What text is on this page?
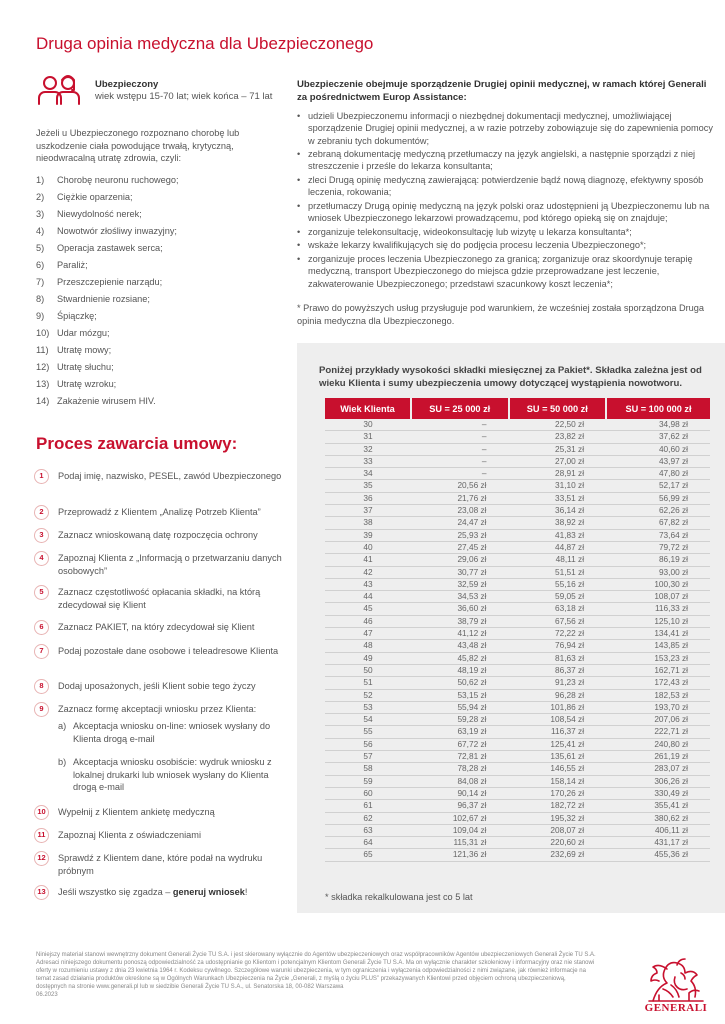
Druga opinia medyczna dla Ubezpieczonego
Ubezpieczony
wiek wstępu 15-70 lat; wiek końca – 71 lat

Jeżeli u Ubezpieczonego rozpoznano chorobę lub uszkodzenie ciała powodujące trwałą, krytyczną, nieodwracalną utratę zdrowia, czyli:

1) Chorobę neuronu ruchowego;
2) Ciężkie oparzenia;
3) Niewydolność nerek;
4) Nowotwór złośliwy inwazyjny;
5) Operacja zastawek serca;
6) Paraliż;
7) Przeszczepienie narządu;
8) Stwardnienie rozsiane;
9) Śpiączkę;
10) Udar mózgu;
11) Utratę mowy;
12) Utratę słuchu;
13) Utratę wzroku;
14) Zakażenie wirusem HIV.
Proces zawarcia umowy:
1	Podaj imię, nazwisko, PESEL, zawód Ubezpieczonego
2	Przeprowadź z Klientem „Analizę Potrzeb Klienta”
3	Zaznacz wnioskowaną datę rozpoczęcia ochrony
4	Zapoznaj Klienta z „Informacją o przetwarzaniu danych osobowych”
5	Zaznacz częstotliwość opłacania składki, na którą zdecydował się Klient
6	Zaznacz PAKIET, na który zdecydował się Klient
7	Podaj pozostałe dane osobowe i teleadresowe Klienta
8	Dodaj uposażonych, jeśli Klient sobie tego życzy
9	Zaznacz formę akceptacji wniosku przez Klienta:
10	Wypełnij z Klientem ankietę medyczną
11	Zapoznaj Klienta z oświadczeniami
12	Sprawdź z Klientem dane, które podał na wydruku próbnym
13	Jeśli wszystko się zgadza – generuj wniosek!
a) Akceptacja wniosku on-line: wniosek wysłany do Klienta drogą e-mail
b) Akceptacja wniosku osobiście: wydruk wniosku z lokalnej drukarki lub wniosek wysłany do Klienta drogą e-mail
Ubezpieczenie obejmuje sporządzenie Drugiej opinii medycznej, w ramach której Generali za pośrednictwem Europ Assistance:
• udzieli Ubezpieczonemu informacji o niezbędnej dokumentacji medycznej, umożliwiającej sporządzenie Drugiej opinii medycznej, a w razie potrzeby zobowiązuje się do zapewnienia pomocy w zebraniu tych dokumentów;
• zebraną dokumentację medyczną przetłumaczy na język angielski, a następnie sporządzi z niej streszczenie i prześle do lekarza konsultanta;
• zleci Drugą opinię medyczną zawierającą: potwierdzenie bądź nową diagnozę, efektywny sposób leczenia, rokowania;
• przetłumaczy Drugą opinię medyczną na język polski oraz udostępnieni ją Ubezpieczonemu lub na wniosek Ubezpieczonego lekarzowi prowadzącemu, pod którego opieką się on znajduje;
• zorganizuje telekonsultację, wideokonsultację lub wizytę u lekarza konsultanta*;
• wskaże lekarzy kwalifikujących się do podjęcia procesu leczenia Ubezpieczonego*;
• zorganizuje proces leczenia Ubezpieczonego za granicą; zorganizuje oraz skoordynuje terapię medyczną, transport Ubezpieczonego do miejsca gdzie przeprowadzane jest leczenie, zakwaterowanie Ubezpieczonego; przedstawi szacunkowy koszt leczenia*;

* Prawo do powyższych usług przysługuje pod warunkiem, że wcześniej została sporządzona Druga opinia medyczna dla Ubezpieczonego.

Poniżej przykłady wysokości składki miesięcznej za Pakiet*. Składka zależna jest od wieku Klienta i sumy ubezpieczenia umowy dotyczącej wystąpienia nowotworu.
Wiek Klienta	SU = 25 000 zł	SU = 50 000 zł	SU = 100 000 zł
30	–	22,50 zł	34,98 zł
31	–	23,82 zł	37,62 zł
32	–	25,31 zł	40,60 zł
33	–	27,00 zł	43,97 zł
34	–	28,91 zł	47,80 zł
35	20,56 zł	31,10 zł	52,17 zł
36	21,76 zł	33,51 zł	56,99 zł
37	23,08 zł	36,14 zł	62,26 zł
38	24,47 zł	38,92 zł	67,82 zł
39	25,93 zł	41,83 zł	73,64 zł
40	27,45 zł	44,87 zł	79,72 zł
41	29,06 zł	48,11 zł	86,19 zł
42	30,77 zł	51,51 zł	93,00 zł
43	32,59 zł	55,16 zł	100,30 zł
44	34,53 zł	59,05 zł	108,07 zł
45	36,60 zł	63,18 zł	116,33 zł
46	38,79 zł	67,56 zł	125,10 zł
47	41,12 zł	72,22 zł	134,41 zł
48	43,48 zł	76,94 zł	143,85 zł
49	45,82 zł	81,63 zł	153,23 zł
50	48,19 zł	86,37 zł	162,71 zł
51	50,62 zł	91,23 zł	172,43 zł
52	53,15 zł	96,28 zł	182,53 zł
53	55,94 zł	101,86 zł	193,70 zł
54	59,28 zł	108,54 zł	207,06 zł
55	63,19 zł	116,37 zł	222,71 zł
56	67,72 zł	125,41 zł	240,80 zł
57	72,81 zł	135,61 zł	261,19 zł
58	78,28 zł	146,55 zł	283,07 zł
59	84,08 zł	158,14 zł	306,26 zł
60	90,14 zł	170,26 zł	330,49 zł
61	96,37 zł	182,72 zł	355,41 zł
62	102,67 zł	195,32 zł	380,62 zł
63	109,04 zł	208,07 zł	406,11 zł
64	115,31 zł	220,60 zł	431,17 zł
65	121,36 zł	232,69 zł	455,36 zł
* składka rekalkulowana jest co 5 lat
Niniejszy materiał stanowi wewnętrzny dokument Generali Życie TU S.A. i jest skierowany wyłącznie do Agentów ubezpieczeniowych oraz współpracowników Agentów ubezpieczeniowych Generali Życie TU S.A. Adresaci niniejszego dokumentu ponoszą odpowiedzialność za udostępnianie go Klientom i potencjalnym Klientom Generali Życie TU S.A. Ma on wyłącznie charakter szkoleniowy i informacyjny oraz nie stanowi oferty w rozumieniu ustawy z dnia 23 kwietnia 1964 r. Kodeksu cywilnego. Szczegółowe warunki ubezpieczenia, w tym ograniczenia i wyłączenia odpowiedzialności z nimi związane, jak również informacje na temat zasad działania produktów określone są w Ogólnych Warunkach Ubezpieczenia na Życie „Generali, z myślą o życiu PLUS” przekazywanych Klientowi przed objęciem ochroną ubezpieczeniową, dostępnych na stronie www.generali.pl lub w siedzibie Generali Życie TU S.A., ul. Senatorska 18, 00-082 Warszawa
06.2023
GENERALI
